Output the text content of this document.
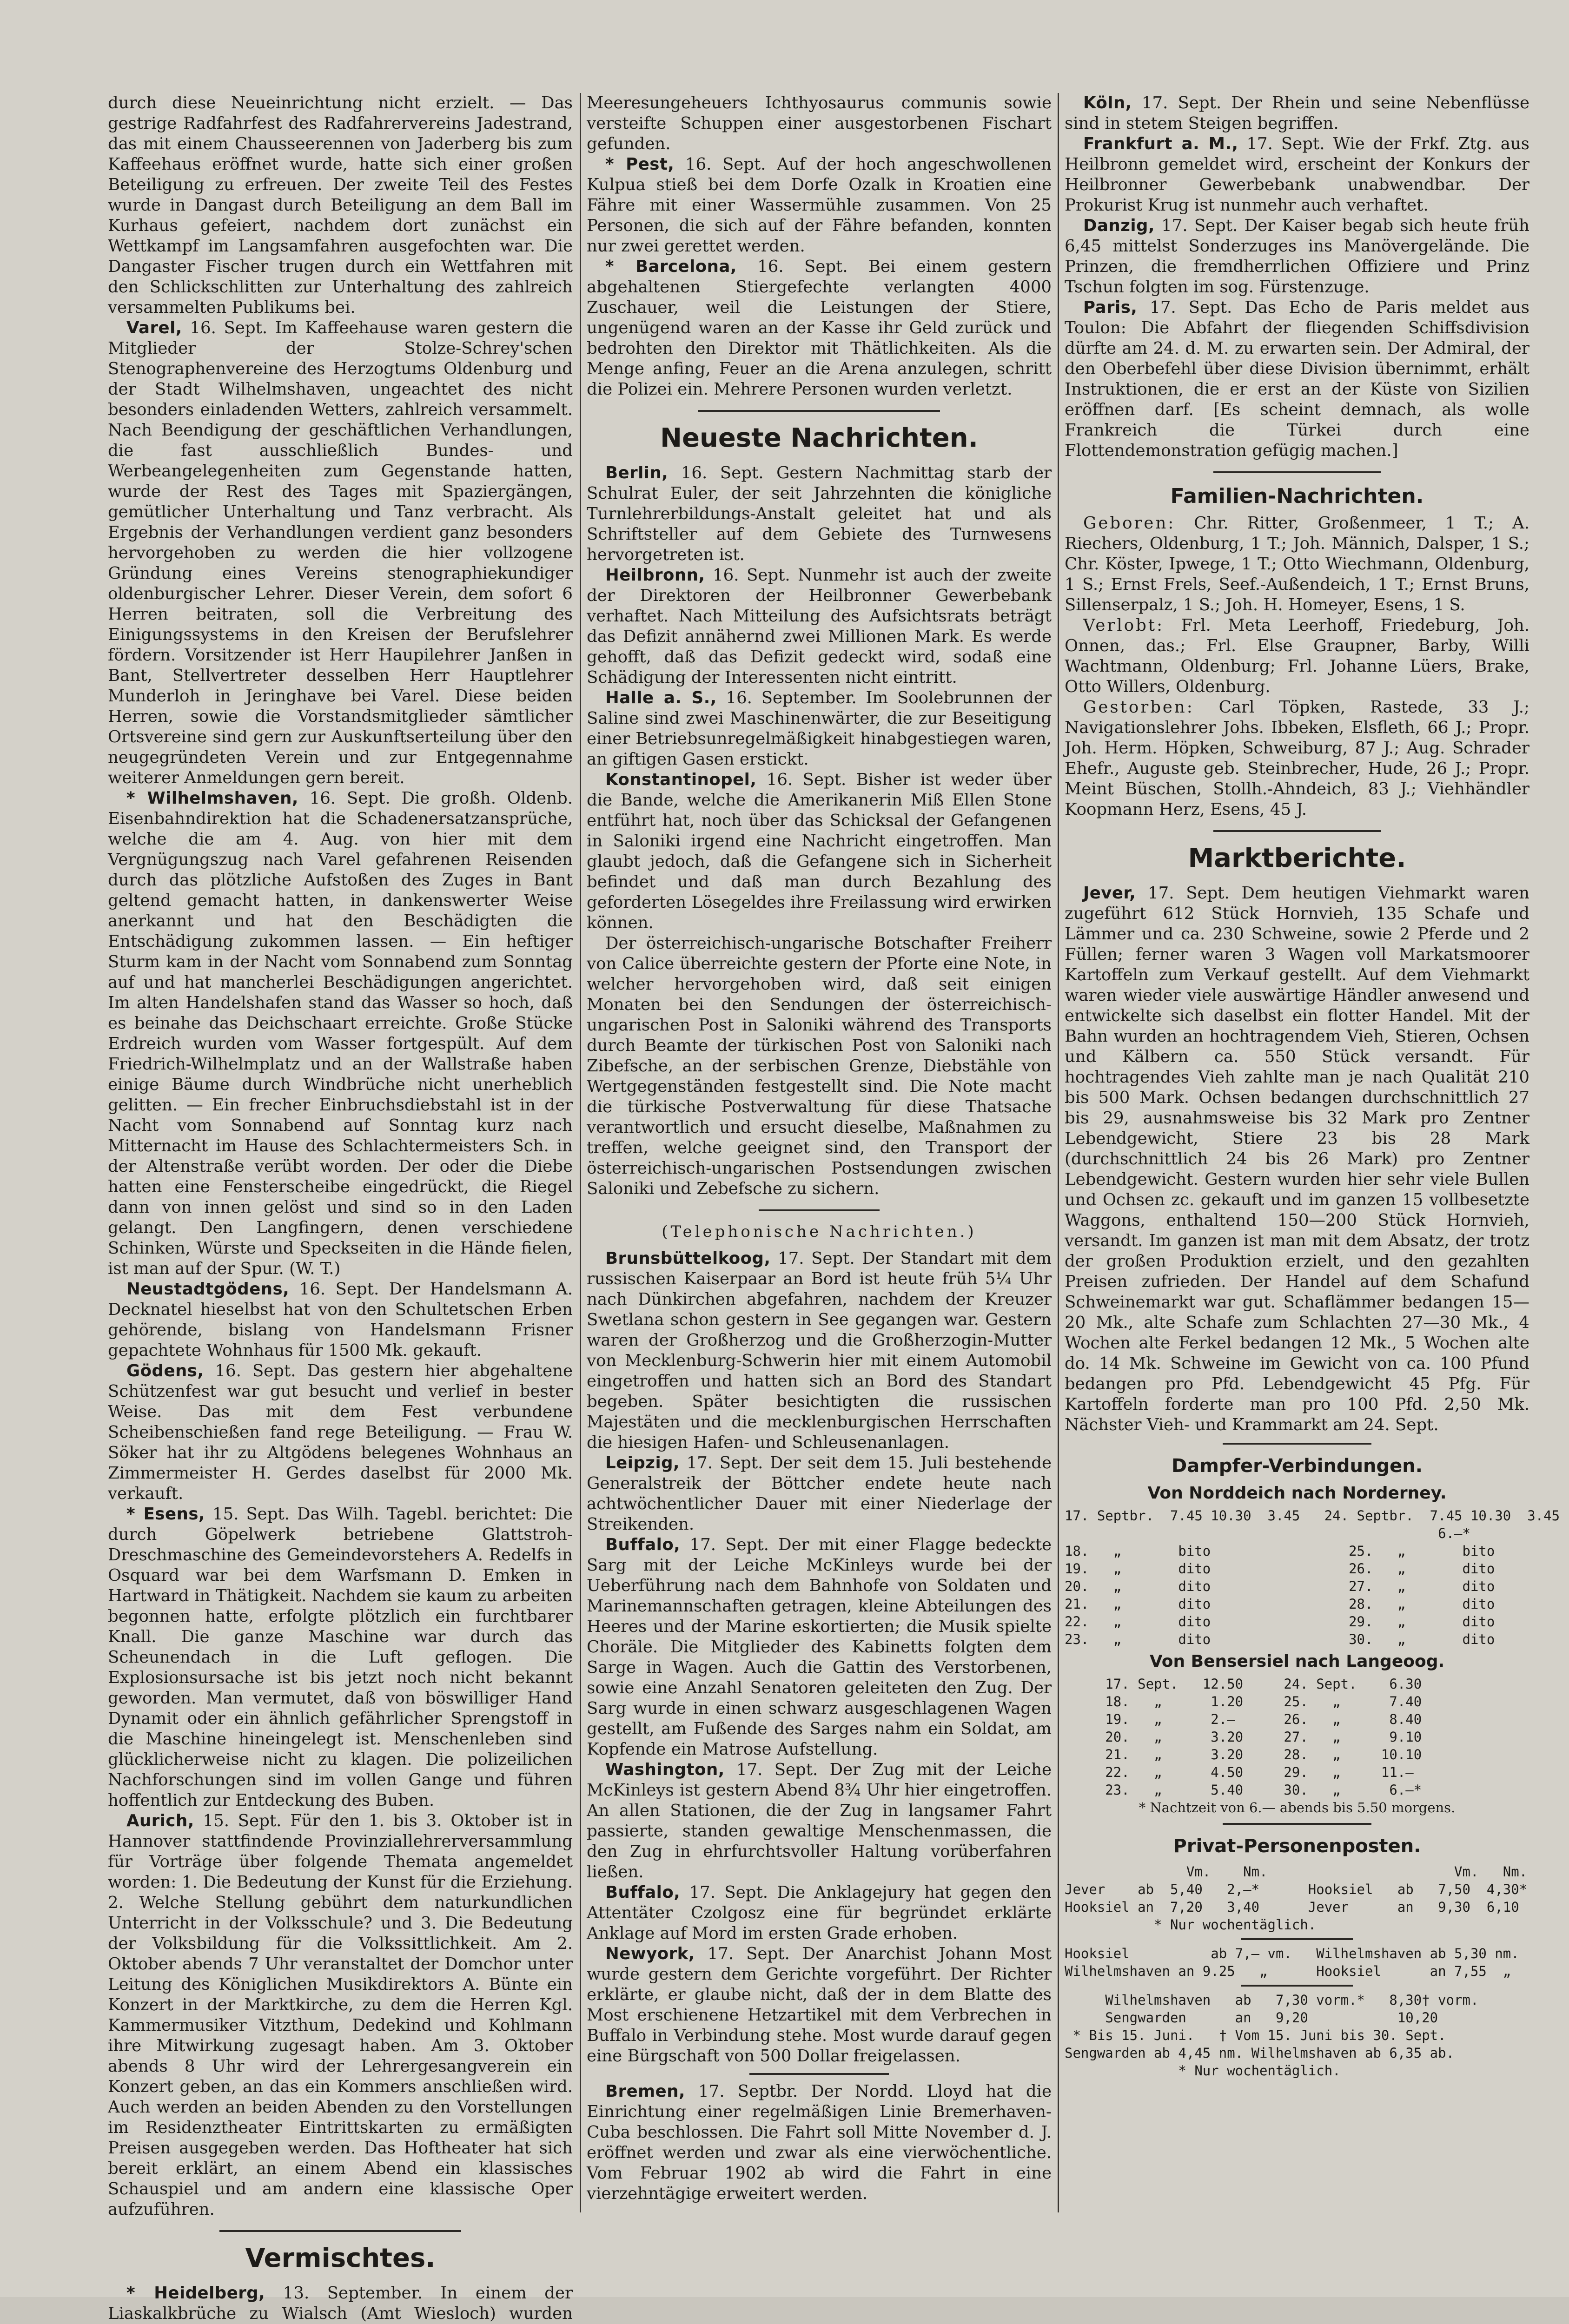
durch diese Neueinrichtung nicht erzielt. — Das gestrige Radfahrfest des Radfahrervereins Jadestrand, das mit einem Chausseerennen von Jaderberg bis zum Kaffeehaus eröffnet wurde, hatte sich einer großen Beteiligung zu erfreuen. Der zweite Teil des Festes wurde in Dangast durch Beteiligung an dem Ball im Kurhaus gefeiert, nachdem dort zunächst ein Wettkampf im Langsamfahren ausgefochten war. Die Dangaster Fischer trugen durch ein Wettfahren mit den Schlickschlitten zur Unterhaltung des zahlreich versammelten Publikums bei.

Varel, 16. Sept. Im Kaffeehause waren gestern die Mitglieder der Stolze-Schrey'schen Stenographenvereine des Herzogtums Oldenburg und der Stadt Wilhelmshaven, ungeachtet des nicht besonders einladenden Wetters, zahlreich versammelt. Nach Beendigung der geschäftlichen Verhandlungen, die fast ausschließlich Bundes- und Werbeangelegenheiten zum Gegenstande hatten, wurde der Rest des Tages mit Spaziergängen, gemütlicher Unterhaltung und Tanz verbracht. Als Ergebnis der Verhandlungen verdient ganz besonders hervorgehoben zu werden die hier vollzogene Gründung eines Vereins stenographiekundiger oldenburgischer Lehrer. Dieser Verein, dem sofort 6 Herren beitraten, soll die Verbreitung des Einigungssystems in den Kreisen der Berufslehrer fördern. Vorsitzender ist Herr Haupilehrer Janßen in Bant, Stellvertreter desselben Herr Hauptlehrer Munderloh in Jeringhave bei Varel. Diese beiden Herren, sowie die Vorstandsmitglieder sämtlicher Ortsvereine sind gern zur Auskunftserteilung über den neugegründeten Verein und zur Entgegennahme weiterer Anmeldungen gern bereit.

* Wilhelmshaven, 16. Sept. Die großh. Oldenb. Eisenbahndirektion hat die Schadenersatzansprüche, welche die am 4. Aug. von hier mit dem Vergnügungszug nach Varel gefahrenen Reisenden durch das plötzliche Aufstoßen des Zuges in Bant geltend gemacht hatten, in dankenswerter Weise anerkannt und hat den Beschädigten die Entschädigung zukommen lassen. — Ein heftiger Sturm kam in der Nacht vom Sonnabend zum Sonntag auf und hat mancherlei Beschädigungen angerichtet. Im alten Handelshafen stand das Wasser so hoch, daß es beinahe das Deichschaart erreichte. Große Stücke Erdreich wurden vom Wasser fortgespült. Auf dem Friedrich-Wilhelmplatz und an der Wallstraße haben einige Bäume durch Windbrüche nicht unerheblich gelitten. — Ein frecher Einbruchsdiebstahl ist in der Nacht vom Sonnabend auf Sonntag kurz nach Mitternacht im Hause des Schlachtermeisters Sch. in der Altenstraße verübt worden. Der oder die Diebe hatten eine Fensterscheibe eingedrückt, die Riegel dann von innen gelöst und sind so in den Laden gelangt. Den Langfingern, denen verschiedene Schinken, Würste und Speckseiten in die Hände fielen, ist man auf der Spur. (W. T.)

Neustadtgödens, 16. Sept. Der Handelsmann A. Decknatel hieselbst hat von den Schultetschen Erben gehörende, bislang von Handelsmann Frisner gepachtete Wohnhaus für 1500 Mk. gekauft.

Gödens, 16. Sept. Das gestern hier abgehaltene Schützenfest war gut besucht und verlief in bester Weise. Das mit dem Fest verbundene Scheibenschießen fand rege Beteiligung. — Frau W. Söker hat ihr zu Altgödens belegenes Wohnhaus an Zimmermeister H. Gerdes daselbst für 2000 Mk. verkauft.

* Esens, 15. Sept. Das Wilh. Tagebl. berichtet: Die durch Göpelwerk betriebene Glattstroh-Dreschmaschine des Gemeindevorstehers A. Redelfs in Osquard war bei dem Warfsmann D. Emken in Hartward in Thätigkeit. Nachdem sie kaum zu arbeiten begonnen hatte, erfolgte plötzlich ein furchtbarer Knall. Die ganze Maschine war durch das Scheunendach in die Luft geflogen. Die Explosionsursache ist bis jetzt noch nicht bekannt geworden. Man vermutet, daß von böswilliger Hand Dynamit oder ein ähnlich gefährlicher Sprengstoff in die Maschine hineingelegt ist. Menschenleben sind glücklicherweise nicht zu klagen. Die polizeilichen Nachforschungen sind im vollen Gange und führen hoffentlich zur Entdeckung des Buben.

Aurich, 15. Sept. Für den 1. bis 3. Oktober ist in Hannover stattfindende Provinziallehrerversammlung für Vorträge über folgende Themata angemeldet worden: 1. Die Bedeutung der Kunst für die Erziehung. 2. Welche Stellung gebührt dem naturkundlichen Unterricht in der Volksschule? und 3. Die Bedeutung der Volksbildung für die Volkssittlichkeit. Am 2. Oktober abends 7 Uhr veranstaltet der Domchor unter Leitung des Königlichen Musikdirektors A. Bünte ein Konzert in der Marktkirche, zu dem die Herren Kgl. Kammermusiker Vitzthum, Dedekind und Kohlmann ihre Mitwirkung zugesagt haben. Am 3. Oktober abends 8 Uhr wird der Lehrergesangverein ein Konzert geben, an das ein Kommers anschließen wird. Auch werden an beiden Abenden zu den Vorstellungen im Residenztheater Eintrittskarten zu ermäßigten Preisen ausgegeben werden. Das Hoftheater hat sich bereit erklärt, an einem Abend ein klassisches Schauspiel und am andern eine klassische Oper aufzuführen.

Vermischtes.

* Heidelberg, 13. September. In einem der Liaskalkbrüche zu Wialsch (Amt Wiesloch) wurden

Meeresungeheuers Ichthyosaurus communis sowie versteifte Schuppen einer ausgestorbenen Fischart gefunden.

* Pest, 16. Sept. Auf der hoch angeschwollenen Kulpua stieß bei dem Dorfe Ozalk in Kroatien eine Fähre mit einer Wassermühle zusammen. Von 25 Personen, die sich auf der Fähre befanden, konnten nur zwei gerettet werden.

* Barcelona, 16. Sept. Bei einem gestern abgehaltenen Stiergefechte verlangten 4000 Zuschauer, weil die Leistungen der Stiere, ungenügend waren an der Kasse ihr Geld zurück und bedrohten den Direktor mit Thätlichkeiten. Als die Menge anfing, Feuer an die Arena anzulegen, schritt die Polizei ein. Mehrere Personen wurden verletzt.

Neueste Nachrichten.

Berlin, 16. Sept. Gestern Nachmittag starb der Schulrat Euler, der seit Jahrzehnten die königliche Turnlehrerbildungs-Anstalt geleitet hat und als Schriftsteller auf dem Gebiete des Turnwesens hervorgetreten ist.

Heilbronn, 16. Sept. Nunmehr ist auch der zweite der Direktoren der Heilbronner Gewerbebank verhaftet. Nach Mitteilung des Aufsichtsrats beträgt das Defizit annähernd zwei Millionen Mark. Es werde gehofft, daß das Defizit gedeckt wird, sodaß eine Schädigung der Interessenten nicht eintritt.

Halle a. S., 16. September. Im Soolebrunnen der Saline sind zwei Maschinenwärter, die zur Beseitigung einer Betriebsunregelmäßigkeit hinabgestiegen waren, an giftigen Gasen erstickt.

Konstantinopel, 16. Sept. Bisher ist weder über die Bande, welche die Amerikanerin Miß Ellen Stone entführt hat, noch über das Schicksal der Gefangenen in Saloniki irgend eine Nachricht eingetroffen. Man glaubt jedoch, daß die Gefangene sich in Sicherheit befindet und daß man durch Bezahlung des geforderten Lösegeldes ihre Freilassung wird erwirken können.

Der österreichisch-ungarische Botschafter Freiherr von Calice überreichte gestern der Pforte eine Note, in welcher hervorgehoben wird, daß seit einigen Monaten bei den Sendungen der österreichisch-ungarischen Post in Saloniki während des Transports durch Beamte der türkischen Post von Saloniki nach Zibefsche, an der serbischen Grenze, Diebstähle von Wertgegenständen festgestellt sind. Die Note macht die türkische Postverwaltung für diese Thatsache verantwortlich und ersucht dieselbe, Maßnahmen zu treffen, welche geeignet sind, den Transport der österreichisch-ungarischen Postsendungen zwischen Saloniki und Zebefsche zu sichern.

(Telephonische Nachrichten.)

Brunsbüttelkoog, 17. Sept. Der Standart mit dem russischen Kaiserpaar an Bord ist heute früh 5¼ Uhr nach Dünkirchen abgefahren, nachdem der Kreuzer Swetlana schon gestern in See gegangen war. Gestern waren der Großherzog und die Großherzogin-Mutter von Mecklenburg-Schwerin hier mit einem Automobil eingetroffen und hatten sich an Bord des Standart begeben. Später besichtigten die russischen Majestäten und die mecklenburgischen Herrschaften die hiesigen Hafen- und Schleusenanlagen.

Leipzig, 17. Sept. Der seit dem 15. Juli bestehende Generalstreik der Böttcher endete heute nach achtwöchentlicher Dauer mit einer Niederlage der Streikenden.

Buffalo, 17. Sept. Der mit einer Flagge bedeckte Sarg mit der Leiche McKinleys wurde bei der Ueberführung nach dem Bahnhofe von Soldaten und Marinemannschaften getragen, kleine Abteilungen des Heeres und der Marine eskortierten; die Musik spielte Choräle. Die Mitglieder des Kabinetts folgten dem Sarge in Wagen. Auch die Gattin des Verstorbenen, sowie eine Anzahl Senatoren geleiteten den Zug. Der Sarg wurde in einen schwarz ausgeschlagenen Wagen gestellt, am Fußende des Sarges nahm ein Soldat, am Kopfende ein Matrose Aufstellung.

Washington, 17. Sept. Der Zug mit der Leiche McKinleys ist gestern Abend 8¾ Uhr hier eingetroffen. An allen Stationen, die der Zug in langsamer Fahrt passierte, standen gewaltige Menschenmassen, die den Zug in ehrfurchtsvoller Haltung vorüberfahren ließen.

Buffalo, 17. Sept. Die Anklagejury hat gegen den Attentäter Czolgosz eine für begründet erklärte Anklage auf Mord im ersten Grade erhoben.

Newyork, 17. Sept. Der Anarchist Johann Most wurde gestern dem Gerichte vorgeführt. Der Richter erklärte, er glaube nicht, daß der in dem Blatte des Most erschienene Hetzartikel mit dem Verbrechen in Buffalo in Verbindung stehe. Most wurde darauf gegen eine Bürgschaft von 500 Dollar freigelassen.

Bremen, 17. Septbr. Der Nordd. Lloyd hat die Einrichtung einer regelmäßigen Linie Bremerhaven-Cuba beschlossen. Die Fahrt soll Mitte November d. J. eröffnet werden und zwar als eine vierwöchentliche. Vom Februar 1902 ab wird die Fahrt in eine vierzehntägige erweitert werden.

Köln, 17. Sept. Der Rhein und seine Nebenflüsse sind in stetem Steigen begriffen.

Frankfurt a. M., 17. Sept. Wie der Frkf. Ztg. aus Heilbronn gemeldet wird, erscheint der Konkurs der Heilbronner Gewerbebank unabwendbar. Der Prokurist Krug ist nunmehr auch verhaftet.

Danzig, 17. Sept. Der Kaiser begab sich heute früh 6,45 mittelst Sonderzuges ins Manövergelände. Die Prinzen, die fremdherrlichen Offiziere und Prinz Tschun folgten im sog. Fürstenzuge.

Paris, 17. Sept. Das Echo de Paris meldet aus Toulon: Die Abfahrt der fliegenden Schiffsdivision dürfte am 24. d. M. zu erwarten sein. Der Admiral, der den Oberbefehl über diese Division übernimmt, erhält Instruktionen, die er erst an der Küste von Sizilien eröffnen darf. [Es scheint demnach, als wolle Frankreich die Türkei durch eine Flottendemonstration gefügig machen.]

Familien-Nachrichten.

Geboren: Chr. Ritter, Großenmeer, 1 T.; A. Riechers, Oldenburg, 1 T.; Joh. Männich, Dalsper, 1 S.; Chr. Köster, Ipwege, 1 T.; Otto Wiechmann, Oldenburg, 1 S.; Ernst Frels, Seef.-Außendeich, 1 T.; Ernst Bruns, Sillenserpalz, 1 S.; Joh. H. Homeyer, Esens, 1 S.

Verlobt: Frl. Meta Leerhoff, Friedeburg, Joh. Onnen, das.; Frl. Else Graupner, Barby, Willi Wachtmann, Oldenburg; Frl. Johanne Lüers, Brake, Otto Willers, Oldenburg.

Gestorben: Carl Töpken, Rastede, 33 J.; Navigationslehrer Johs. Ibbeken, Elsfleth, 66 J.; Propr. Joh. Herm. Höpken, Schweiburg, 87 J.; Aug. Schrader Ehefr., Auguste geb. Steinbrecher, Hude, 26 J.; Propr. Meint Büschen, Stollh.-Ahndeich, 83 J.; Viehhändler Koopmann Herz, Esens, 45 J.

Marktberichte.

Jever, 17. Sept. Dem heutigen Viehmarkt waren zugeführt 612 Stück Hornvieh, 135 Schafe und Lämmer und ca. 230 Schweine, sowie 2 Pferde und 2 Füllen; ferner waren 3 Wagen voll Markatsmoorer Kartoffeln zum Verkauf gestellt. Auf dem Viehmarkt waren wieder viele auswärtige Händler anwesend und entwickelte sich daselbst ein flotter Handel. Mit der Bahn wurden an hochtragendem Vieh, Stieren, Ochsen und Kälbern ca. 550 Stück versandt. Für hochtragendes Vieh zahlte man je nach Qualität 210 bis 500 Mark. Ochsen bedangen durchschnittlich 27 bis 29, ausnahmsweise bis 32 Mark pro Zentner Lebendgewicht, Stiere 23 bis 28 Mark (durchschnittlich 24 bis 26 Mark) pro Zentner Lebendgewicht. Gestern wurden hier sehr viele Bullen und Ochsen zc. gekauft und im ganzen 15 vollbesetzte Waggons, enthaltend 150—200 Stück Hornvieh, versandt. Im ganzen ist man mit dem Absatz, der trotz der großen Produktion erzielt, und den gezahlten Preisen zufrieden. Der Handel auf dem Schafund Schweinemarkt war gut. Schaflämmer bedangen 15—20 Mk., alte Schafe zum Schlachten 27—30 Mk., 4 Wochen alte Ferkel bedangen 12 Mk., 5 Wochen alte do. 14 Mk. Schweine im Gewicht von ca. 100 Pfund bedangen pro Pfd. Lebendgewicht 45 Pfg. Für Kartoffeln forderte man pro 100 Pfd. 2,50 Mk. Nächster Vieh- und Krammarkt am 24. Sept.

Dampfer-Verbindungen.
Von Norddeich nach Norderney.
17. Septbr.  7.45 10.30  3.45   24. Septbr.  7.45 10.30  3.45
6.—*
18.   „       bito                 25.   „       bito
19.   „       dito                 26.   „       dito
20.   „       dito                 27.   „       dito
21.   „       dito                 28.   „       dito
22.   „       dito                 29.   „       dito
23.   „       dito                 30.   „       dito
Von Bensersiel nach Langeoog.
17. Sept.   12.50     24. Sept.    6.30
18.   „      1.20     25.   „      7.40
19.   „      2.—      26.   „      8.40
20.   „      3.20     27.   „      9.10
21.   „      3.20     28.   „     10.10
22.   „      4.50     29.   „     11.—
23.   „      5.40     30.   „      6.—*
* Nachtzeit von 6.— abends bis 5.50 morgens.
Privat-Personenposten.
Vm.    Nm.                       Vm.   Nm.
Jever    ab  5,40   2,—*      Hooksiel   ab   7,50  4,30*
Hooksiel an  7,20   3,40      Jever      an   9,30  6,10
* Nur wochentäglich.
Hooksiel          ab 7,— vm.   Wilhelmshaven ab 5,30 nm.
Wilhelmshaven an 9.25   „      Hooksiel      an 7,55  „
Wilhelmshaven   ab   7,30 vorm.*   8,30† vorm.
Sengwarden      an   9,20           10,20
* Bis 15. Juni.   † Vom 15. Juni bis 30. Sept.
Sengwarden ab 4,45 nm. Wilhelmshaven ab 6,35 ab.
* Nur wochentäglich.
